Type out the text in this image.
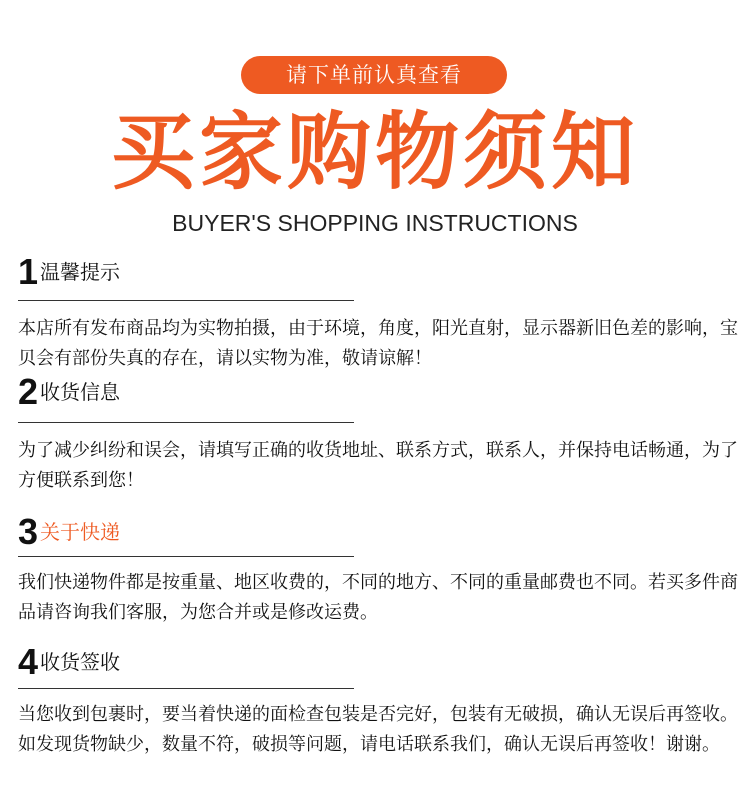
请下单前认真查看
买家购物须知
BUYER'S SHOPPING INSTRUCTIONS
1 温馨提示
本店所有发布商品均为实物拍摄，由于环境，角度，阳光直射，显示器新旧色差的影响，宝贝会有部份失真的存在，请以实物为准，敬请谅解！
2 收货信息
为了减少纠纷和误会，请填写正确的收货地址、联系方式，联系人，并保持电话畅通，为了方便联系到您！
3 关于快递
我们快递物件都是按重量、地区收费的，不同的地方、不同的重量邮费也不同。若买多件商品请咨询我们客服，为您合并或是修改运费。
4 收货签收
当您收到包裹时，要当着快递的面检查包装是否完好，包装有无破损，确认无误后再签收。如发现货物缺少，数量不符，破损等问题，请电话联系我们，确认无误后再签收！谢谢。
